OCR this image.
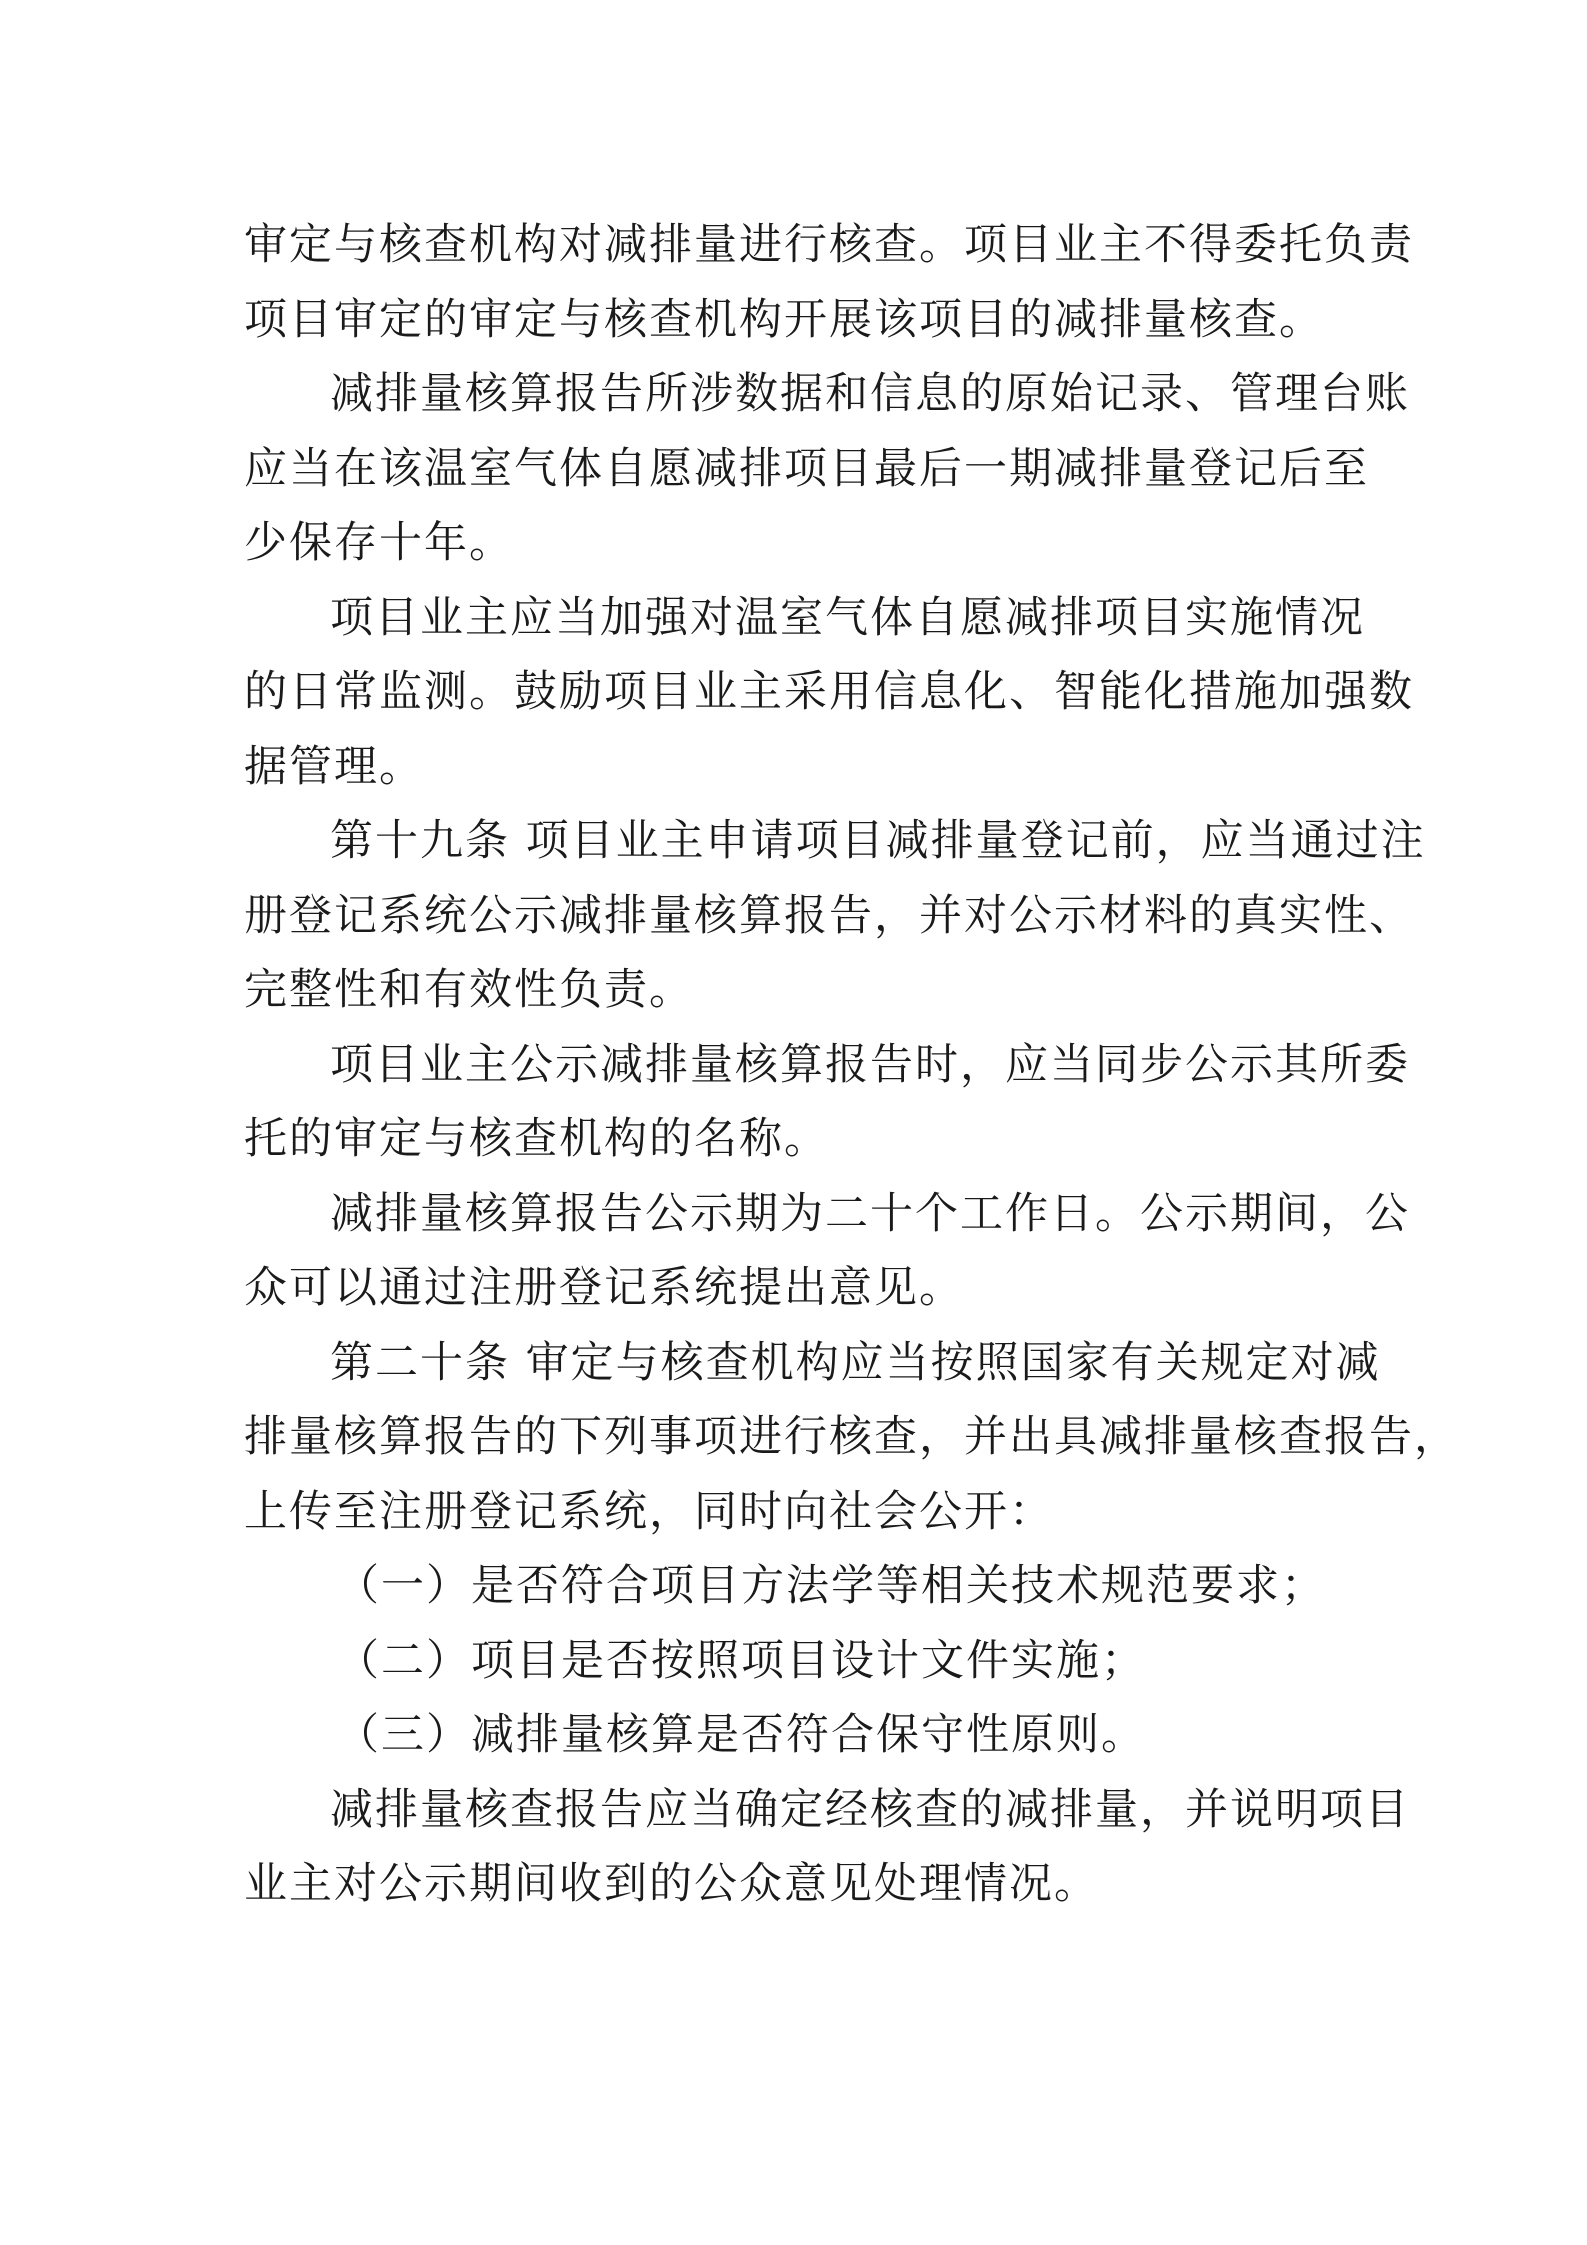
审定与核查机构对减排量进行核查。项目业主不得委托负责
项目审定的审定与核查机构开展该项目的减排量核查。
减排量核算报告所涉数据和信息的原始记录、管理台账
应当在该温室气体自愿减排项目最后一期减排量登记后至
少保存十年。
项目业主应当加强对温室气体自愿减排项目实施情况
的日常监测。鼓励项目业主采用信息化、智能化措施加强数
据管理。
第十九条 项目业主申请项目减排量登记前，应当通过注
册登记系统公示减排量核算报告，并对公示材料的真实性、
完整性和有效性负责。
项目业主公示减排量核算报告时，应当同步公示其所委
托的审定与核查机构的名称。
减排量核算报告公示期为二十个工作日。公示期间，公
众可以通过注册登记系统提出意见。
第二十条 审定与核查机构应当按照国家有关规定对减
排量核算报告的下列事项进行核查，并出具减排量核查报告，
上传至注册登记系统，同时向社会公开：
（一）是否符合项目方法学等相关技术规范要求；
（二）项目是否按照项目设计文件实施；
（三）减排量核算是否符合保守性原则。
减排量核查报告应当确定经核查的减排量，并说明项目
业主对公示期间收到的公众意见处理情况。
